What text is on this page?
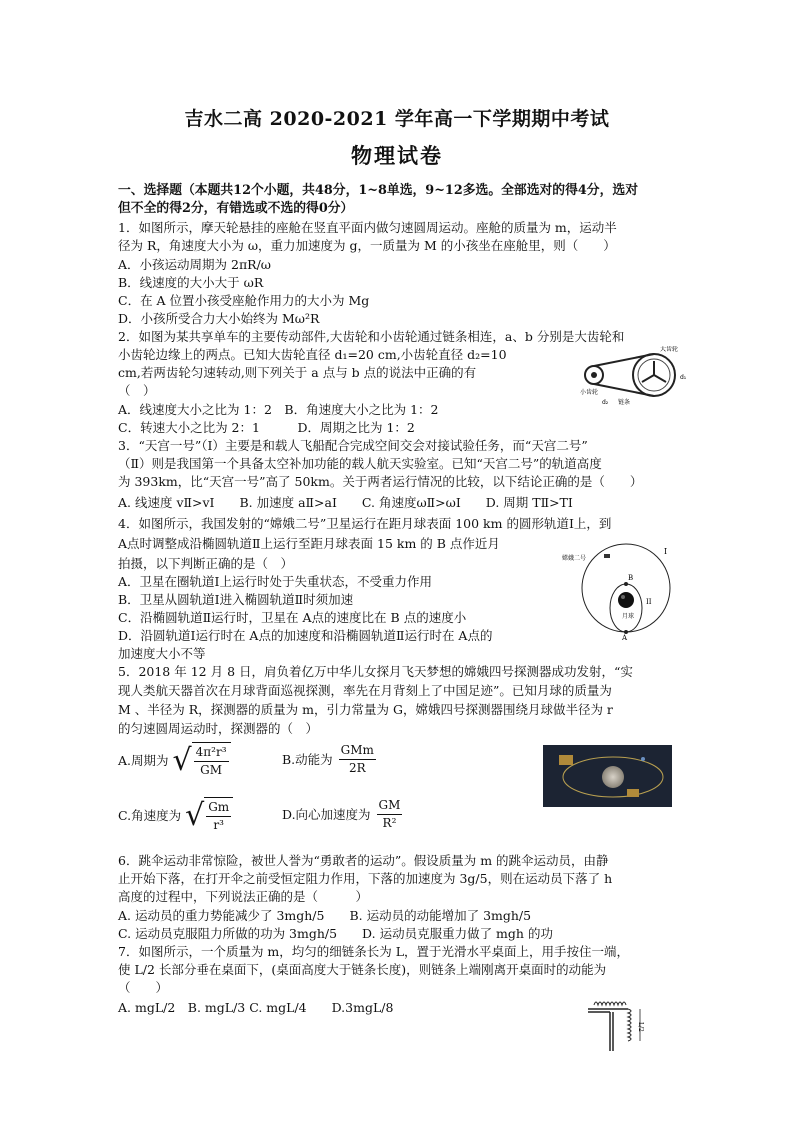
吉水二高 2020-2021 学年高一下学期期中考试
物理试卷
一、选择题（本题共12个小题，共48分，1~8单选，9~12多选。全部选对的得4分，选对
但不全的得2分，有错选或不选的得0分）
1．如图所示，摩天轮悬挂的座舱在竖直平面内做匀速圆周运动。座舱的质量为 m，运动半
径为 R，角速度大小为 ω，重力加速度为 g，一质量为 M 的小孩坐在座舱里，则（　　）
A．小孩运动周期为 2πR/ω
B．线速度的大小大于 ωR
C．在 A 位置小孩受座舱作用力的大小为 Mg
D．小孩所受合力大小始终为 Mω²R
2．如图为某共享单车的主要传动部件,大齿轮和小齿轮通过链条相连，a、b 分别是大齿轮和
小齿轮边缘上的两点。已知大齿轮直径 d₁=20 cm,小齿轮直径 d₂=10
cm,若两齿轮匀速转动,则下列关于 a 点与 b 点的说法中正确的有
（　）
A．线速度大小之比为 1：2　B．角速度大小之比为 1：2
C．转速大小之比为 2：1　　　D．周期之比为 1：2
大齿轮
小齿轮
链条
d₁
d₂
3．“天宫一号”（Ⅰ）主要是和载人飞船配合完成空间交会对接试验任务，而“天宫二号”
（Ⅱ）则是我国第一个具备太空补加功能的载人航天实验室。已知“天宫二号”的轨道高度
为 393km，比“天宫一号”高了 50km。关于两者运行情况的比较，以下结论正确的是（　　）
A. 线速度 vⅡ>vⅠ　　B. 加速度 aⅡ>aⅠ　　C. 角速度ωⅡ>ωⅠ　　D. 周期 TⅡ>TⅠ
4．如图所示，我国发射的“嫦娥二号”卫星运行在距月球表面 100 km 的圆形轨道Ⅰ上，到
A点时调整成沿椭圆轨道Ⅱ上运行至距月球表面 15 km 的 B 点作近月
拍摄，以下判断正确的是（　）
A．卫星在圈轨道Ⅰ上运行时处于失重状态，不受重力作用
B．卫星从圆轨道Ⅰ进入椭圆轨道Ⅱ时须加速
C．沿椭圆轨道Ⅱ运行时，卫星在 A点的速度比在 B 点的速度小
D．沿圆轨道Ⅰ运行时在 A点的加速度和沿椭圆轨道Ⅱ运行时在 A点的
加速度大小不等
嫦娥二号
月球
B
A
I
II
5．2018 年 12 月 8 日，肩负着亿万中华儿女探月飞天梦想的嫦娥四号探测器成功发射，“实
现人类航天器首次在月球背面巡视探测，率先在月背刻上了中国足迹”。已知月球的质量为
M 、半径为 R，探测器的质量为 m，引力常量为 G，嫦娥四号探测器围绕月球做半径为 r
的匀速圆周运动时，探测器的（　）
A.周期为 √ $\frac{\text{4π²r³}}{GM}$	B.动能为 $\frac{\text{GMm}}{2R}$
C.角速度为 √ $\frac{Gm}{\text{r³}}$	D.向心加速度为 $\frac{GM}{\text{R²}}$
6．跳伞运动非常惊险，被世人誉为“勇敢者的运动”。假设质量为 m 的跳伞运动员，由静
止开始下落，在打开伞之前受恒定阻力作用，下落的加速度为 3g/5，则在运动员下落了 h
高度的过程中，下列说法正确的是（　　　）
A. 运动员的重力势能减少了 3mgh/5　　B. 运动员的动能增加了 3mgh/5
C. 运动员克服阻力所做的功为 3mgh/5　　D. 运动员克服重力做了 mgh 的功
7．如图所示，一个质量为 m，均匀的细链条长为 L，置于光滑水平桌面上，用手按住一端，
使 L/2 长部分垂在桌面下，(桌面高度大于链条长度)，则链条上端刚离开桌面时的动能为
（　　）
A. mgL/2　B. mgL/3 C. mgL/4　　D.3mgL/8
L/2
